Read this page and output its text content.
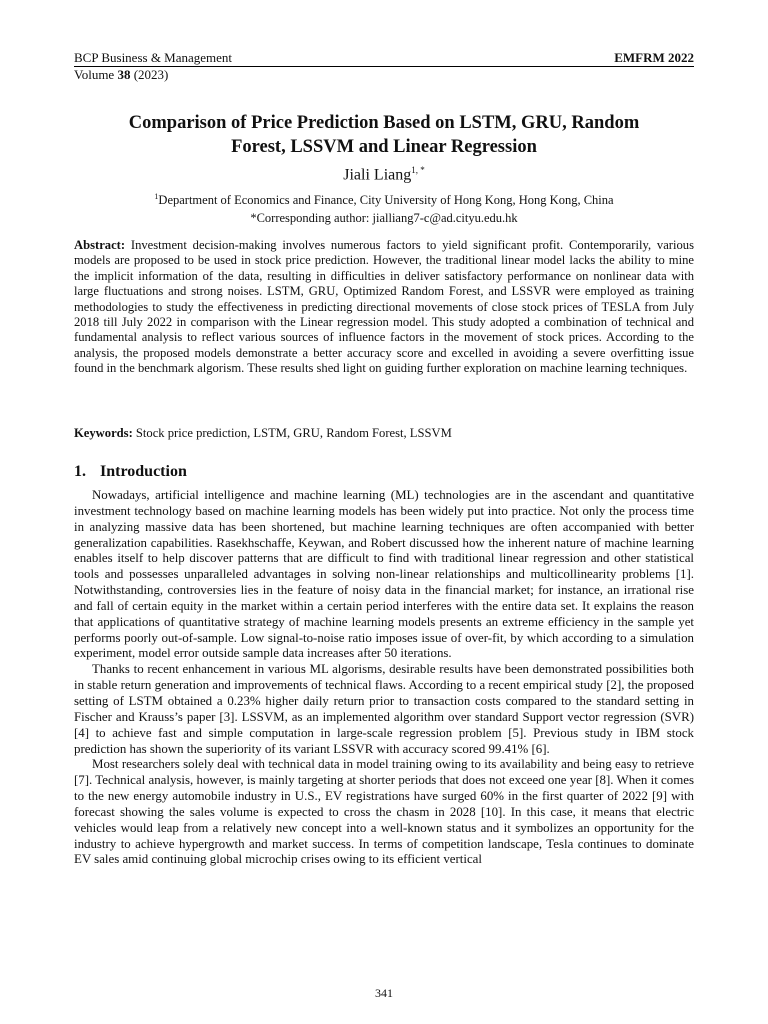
BCP Business & Management	EMFRM 2022
Volume 38 (2023)
Comparison of Price Prediction Based on LSTM, GRU, Random
Forest, LSSVM and Linear Regression
Jiali Liang$^{1, *}$
$^1$Department of Economics and Finance, City University of Hong Kong, Hong Kong, China
*Corresponding author: jialliang7-c@ad.cityu.edu.hk
Abstract: Investment decision-making involves numerous factors to yield significant profit. Contemporarily, various models are proposed to be used in stock price prediction. However, the traditional linear model lacks the ability to mine the implicit information of the data, resulting in difficulties in deliver satisfactory performance on nonlinear data with large fluctuations and strong noises. LSTM, GRU, Optimized Random Forest, and LSSVR were employed as training methodologies to study the effectiveness in predicting directional movements of close stock prices of TESLA from July 2018 till July 2022 in comparison with the Linear regression model. This study adopted a combination of technical and fundamental analysis to reflect various sources of influence factors in the movement of stock prices. According to the analysis, the proposed models demonstrate a better accuracy score and excelled in avoiding a severe overfitting issue found in the benchmark algorism. These results shed light on guiding further exploration on machine learning techniques.
Keywords: Stock price prediction, LSTM, GRU, Random Forest, LSSVM
1. Introduction

Nowadays, artificial intelligence and machine learning (ML) technologies are in the ascendant and quantitative investment technology based on machine learning models has been widely put into practice. Not only the process time in analyzing massive data has been shortened, but machine learning techniques are often accompanied with better generalization capabilities. Rasekhschaffe, Keywan, and Robert discussed how the inherent nature of machine learning enables itself to help discover patterns that are difficult to find with traditional linear regression and other statistical tools and possesses unparalleled advantages in solving non-linear relationships and multicollinearity problems [1]. Notwithstanding, controversies lies in the feature of noisy data in the financial market; for instance, an irrational rise and fall of certain equity in the market within a certain period interferes with the entire data set. It explains the reason that applications of quantitative strategy of machine learning models presents an extreme efficiency in the sample yet performs poorly out-of-sample. Low signal-to-noise ratio imposes issue of over-fit, by which according to a simulation experiment, model error outside sample data increases after 50 iterations.

Thanks to recent enhancement in various ML algorisms, desirable results have been demonstrated possibilities both in stable return generation and improvements of technical flaws. According to a recent empirical study [2], the proposed setting of LSTM obtained a 0.23% higher daily return prior to transaction costs compared to the standard setting in Fischer and Krauss’s paper [3]. LSSVM, as an implemented algorithm over standard Support vector regression (SVR) [4] to achieve fast and simple computation in large-scale regression problem [5]. Previous study in IBM stock prediction has shown the superiority of its variant LSSVR with accuracy scored 99.41% [6].

Most researchers solely deal with technical data in model training owing to its availability and being easy to retrieve [7]. Technical analysis, however, is mainly targeting at shorter periods that does not exceed one year [8]. When it comes to the new energy automobile industry in U.S., EV registrations have surged 60% in the first quarter of 2022 [9] with forecast showing the sales volume is expected to cross the chasm in 2028 [10]. In this case, it means that electric vehicles would leap from a relatively new concept into a well-known status and it symbolizes an opportunity for the industry to achieve hypergrowth and market success. In terms of competition landscape, Tesla continues to dominate EV sales amid continuing global microchip crises owing to its efficient vertical

341
